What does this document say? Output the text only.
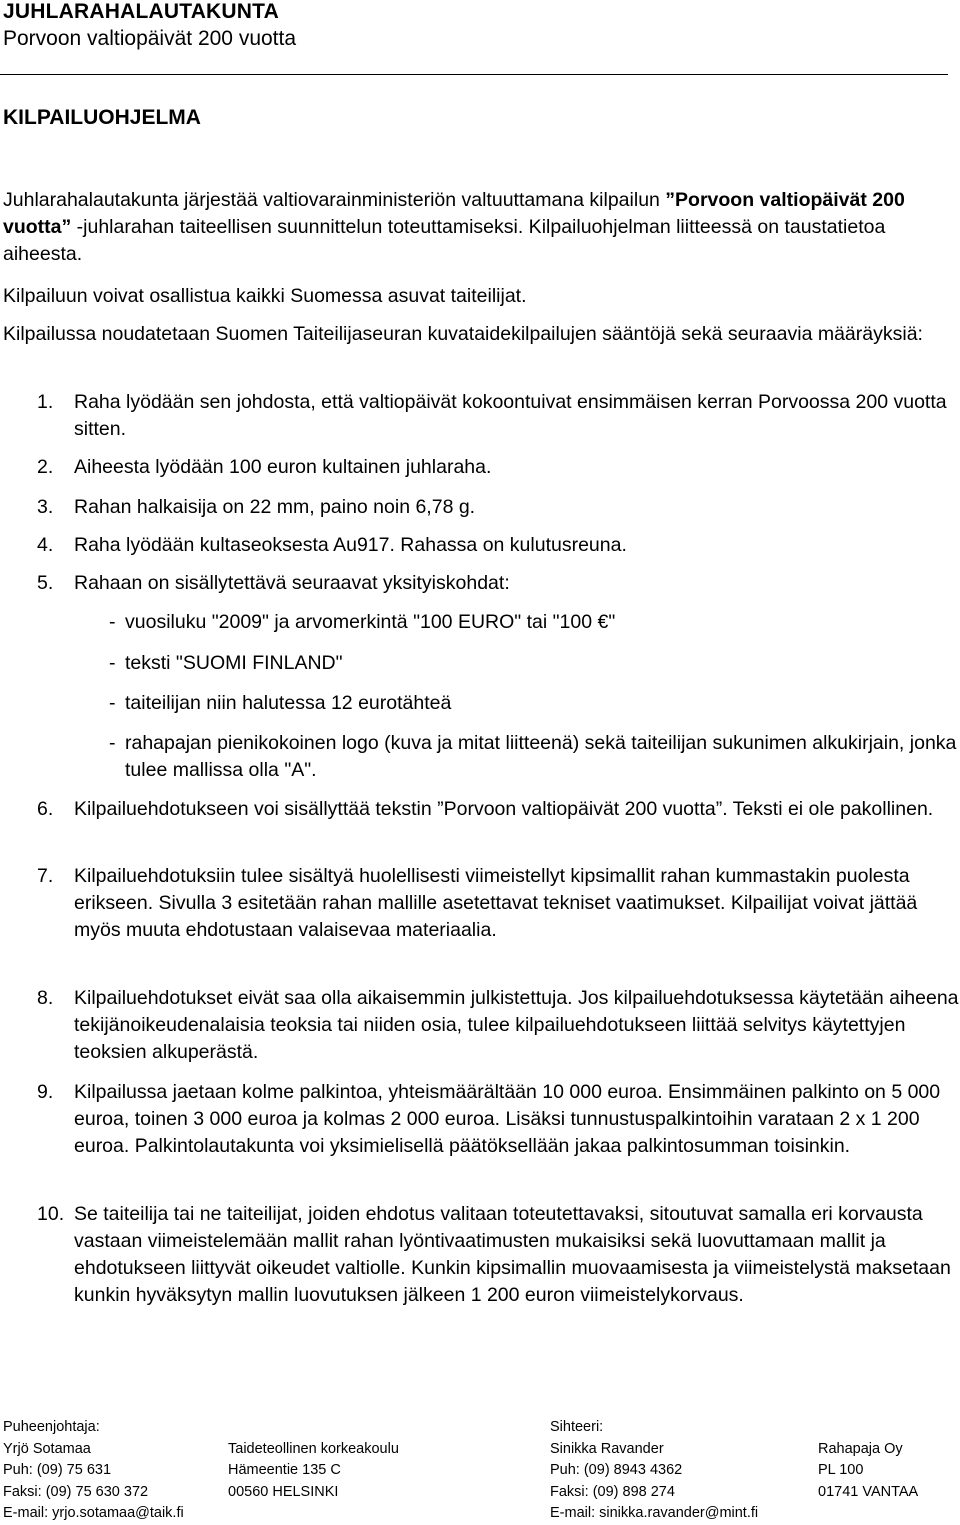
JUHLARAHALAUTAKUNTA
Porvoon valtiopäivät 200 vuotta
KILPAILUOHJELMA
Juhlarahalautakunta järjestää valtiovarainministeriön valtuuttamana kilpailun ”Porvoon valtiopäivät 200 vuotta” -juhlarahan taiteellisen suunnittelun toteuttamiseksi. Kilpailuohjelman liitteessä on taustatietoa aiheesta.
Kilpailuun voivat osallistua kaikki Suomessa asuvat taiteilijat.
Kilpailussa noudatetaan Suomen Taiteilijaseuran kuvataidekilpailujen sääntöjä sekä seuraavia määräyksiä:
1. Raha lyödään sen johdosta, että valtiopäivät kokoontuivat ensimmäisen kerran Porvoossa 200 vuotta sitten.
2. Aiheesta lyödään 100 euron kultainen juhlaraha.
3. Rahan halkaisija on 22 mm, paino noin 6,78 g.
4. Raha lyödään kultaseoksesta Au917. Rahassa on kulutusreuna.
5. Rahaan on sisällytettävä seuraavat yksityiskohdat:
- vuosiluku "2009" ja arvomerkintä "100 EURO" tai "100 €"
- teksti "SUOMI FINLAND"
- taiteilijan niin halutessa 12 eurotähteä
- rahapajan pienikokoinen logo (kuva ja mitat liitteenä) sekä taiteilijan sukunimen alkukirjain, jonka tulee mallissa olla "A".
6. Kilpailuehdotukseen voi sisällyttää tekstin ”Porvoon valtiopäivät 200 vuotta”. Teksti ei ole pakollinen.
7. Kilpailuehdotuksiin tulee sisältyä huolellisesti viimeistellyt kipsimallit rahan kummastakin puolesta erikseen. Sivulla 3 esitetään rahan mallille asetettavat tekniset vaatimukset. Kilpailijat voivat jättää myös muuta ehdotustaan valaisevaa materiaalia.
8. Kilpailuehdotukset eivät saa olla aikaisemmin julkistettuja. Jos kilpailuehdotuksessa käytetään aiheena tekijänoikeudenalaisia teoksia tai niiden osia, tulee kilpailuehdotukseen liittää selvitys käytettyjen teoksien alkuperästä.
9. Kilpailussa jaetaan kolme palkintoa, yhteismäärältään 10 000 euroa. Ensimmäinen palkinto on 5 000 euroa, toinen 3 000 euroa ja kolmas 2 000 euroa. Lisäksi tunnustuspalkintoihin varataan 2 x 1 200 euroa. Palkintolautakunta voi yksimielisellä päätöksellään jakaa palkintosumman toisinkin.
10. Se taiteilija tai ne taiteilijat, joiden ehdotus valitaan toteutettavaksi, sitoutuvat samalla eri korvausta vastaan viimeistelemään mallit rahan lyöntivaatimusten mukaisiksi sekä luovuttamaan mallit ja ehdotukseen liittyvät oikeudet valtiolle. Kunkin kipsimallin muovaamisesta ja viimeistelystä maksetaan kunkin hyväksytyn mallin luovutuksen jälkeen 1 200 euron viimeistelykorvaus.
Puheenjohtaja:
Yrjö Sotamaa
Puh: (09) 75 631
Faksi: (09) 75 630 372
E-mail: yrjo.sotamaa@taik.fi
Taideteollinen korkeakoulu
Hämeentie 135 C
00560 HELSINKI
Sihteeri:
Sinikka Ravander
Puh: (09) 8943 4362
Faksi: (09) 898 274
E-mail: sinikka.ravander@mint.fi
Rahapaja Oy
PL 100
01741 VANTAA
